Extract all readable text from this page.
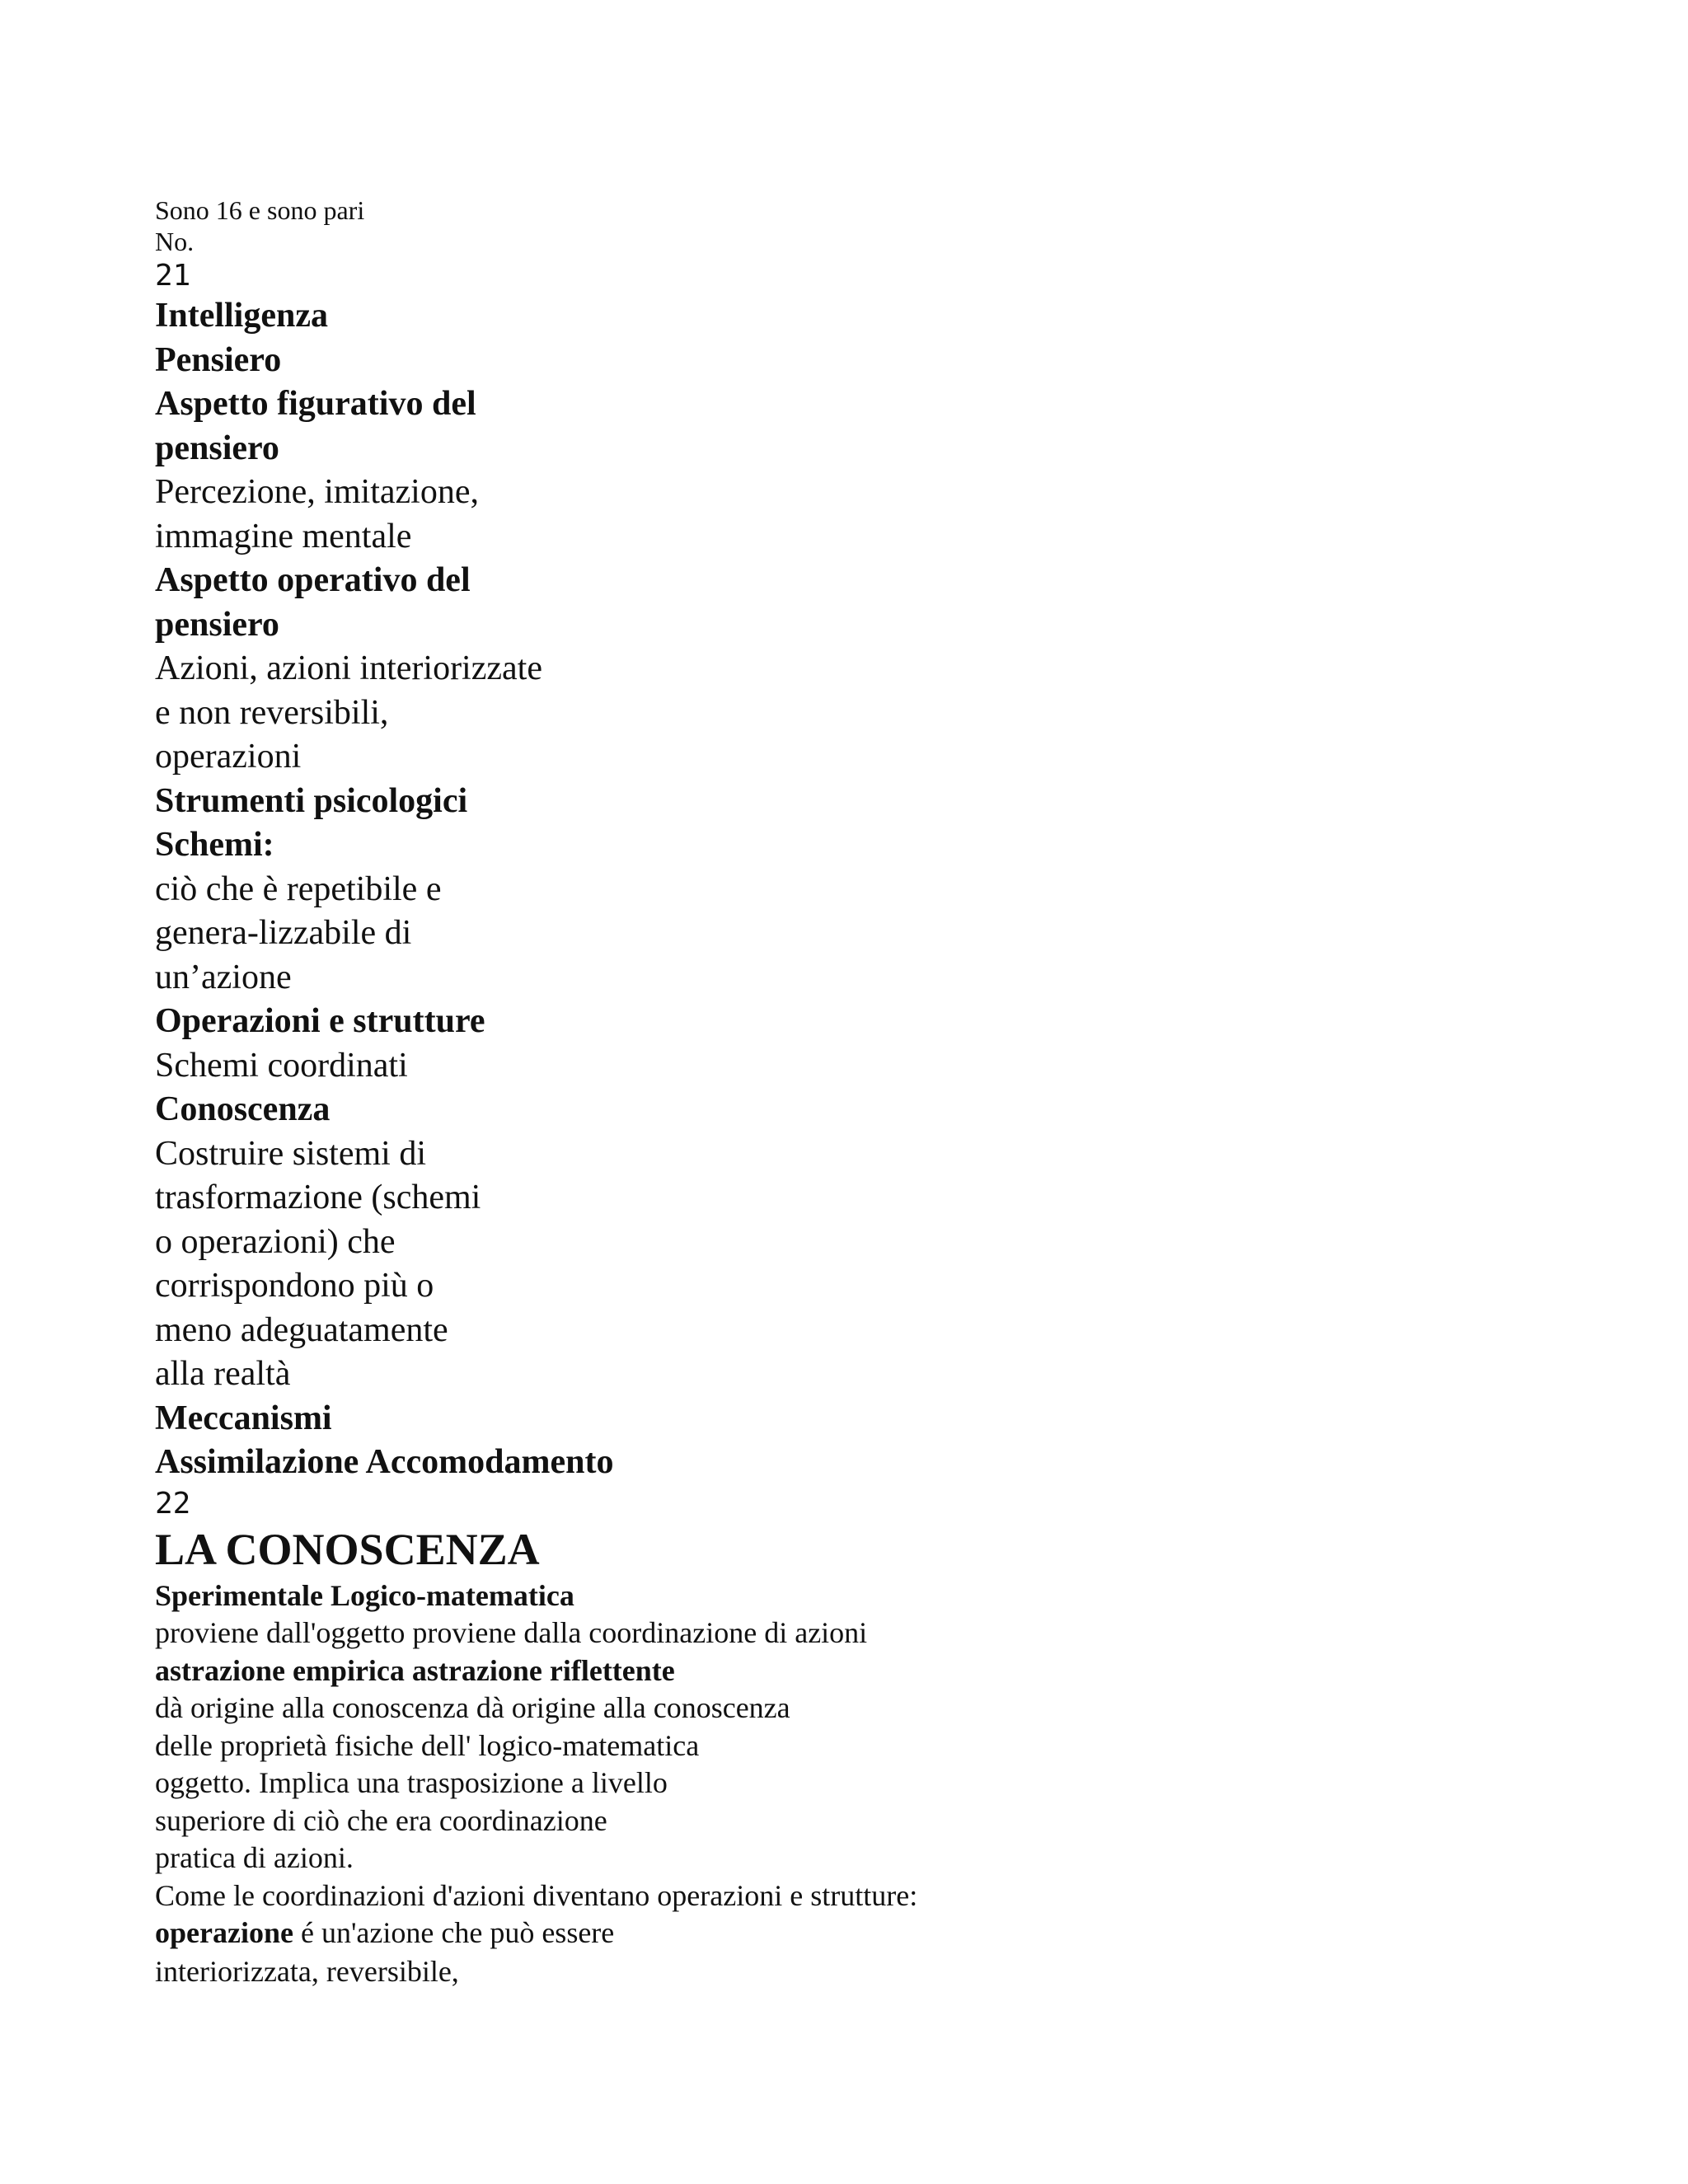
Sono 16 e sono pari
No.
21
Intelligenza
Pensiero
Aspetto figurativo del
pensiero
Percezione, imitazione,
immagine mentale
Aspetto operativo del
pensiero
Azioni, azioni interiorizzate
e non reversibili,
operazioni
Strumenti psicologici
Schemi:
ciò che è repetibile e
genera-lizzabile di
un’azione
Operazioni e strutture
Schemi coordinati
Conoscenza
Costruire sistemi di
trasformazione (schemi
o operazioni) che
corrispondono più o
meno adeguatamente
alla realtà
Meccanismi
Assimilazione Accomodamento
22
LA CONOSCENZA
Sperimentale Logico-matematica
proviene dall'oggetto proviene dalla coordinazione di azioni
astrazione empirica astrazione riflettente
dà origine alla conoscenza dà origine alla conoscenza
delle proprietà fisiche dell' logico-matematica
oggetto. Implica una trasposizione a livello
superiore di ciò che era coordinazione
pratica di azioni.
Come le coordinazioni d'azioni diventano operazioni e strutture:
operazione é un'azione che può essere
interiorizzata, reversibile,
